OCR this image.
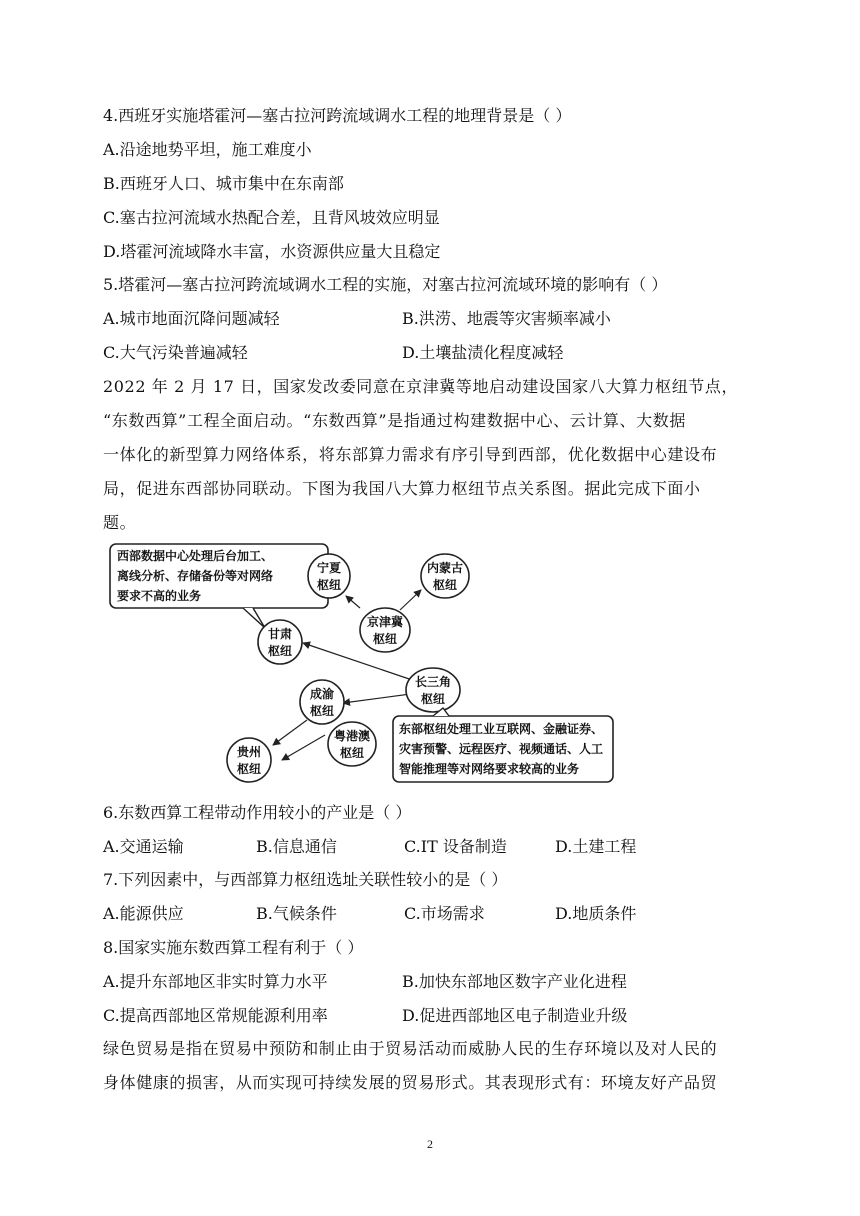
4.西班牙实施塔霍河—塞古拉河跨流域调水工程的地理背景是（ ）
A.沿途地势平坦，施工难度小
B.西班牙人口、城市集中在东南部
C.塞古拉河流域水热配合差，且背风坡效应明显
D.塔霍河流域降水丰富，水资源供应量大且稳定
5.塔霍河—塞古拉河跨流域调水工程的实施，对塞古拉河流域环境的影响有（ ）
A.城市地面沉降问题减轻	B.洪涝、地震等灾害频率减小
C.大气污染普遍减轻	D.土壤盐渍化程度减轻

2022 年 2 月 17 日，国家发改委同意在京津冀等地启动建设国家八大算力枢纽节点，

“东数西算”工程全面启动。“东数西算”是指通过构建数据中心、云计算、大数据

一体化的新型算力网络体系，将东部算力需求有序引导到西部，优化数据中心建设布

局，促进东西部协同联动。下图为我国八大算力枢纽节点关系图。据此完成下面小

题。

西部数据中心处理后台加工、
离线分析、存储备份等对网络
要求不高的业务
宁夏
枢纽
内蒙古
枢纽
京津冀
枢纽
甘肃
枢纽
长三角
枢纽
成渝
枢纽
粤港澳
枢纽
贵州
枢纽
东部枢纽处理工业互联网、金融证券、
灾害预警、远程医疗、视频通话、人工
智能推理等对网络要求较高的业务
6.东数西算工程带动作用较小的产业是（ ）
A.交通运输	B.信息通信	C.IT 设备制造	D.土建工程
7.下列因素中，与西部算力枢纽选址关联性较小的是（ ）
A.能源供应	B.气候条件	C.市场需求	D.地质条件
8.国家实施东数西算工程有利于（ ）
A.提升东部地区非实时算力水平	B.加快东部地区数字产业化进程
C.提高西部地区常规能源利用率	D.促进西部地区电子制造业升级

绿色贸易是指在贸易中预防和制止由于贸易活动而威胁人民的生存环境以及对人民的

身体健康的损害，从而实现可持续发展的贸易形式。其表现形式有：环境友好产品贸

2
